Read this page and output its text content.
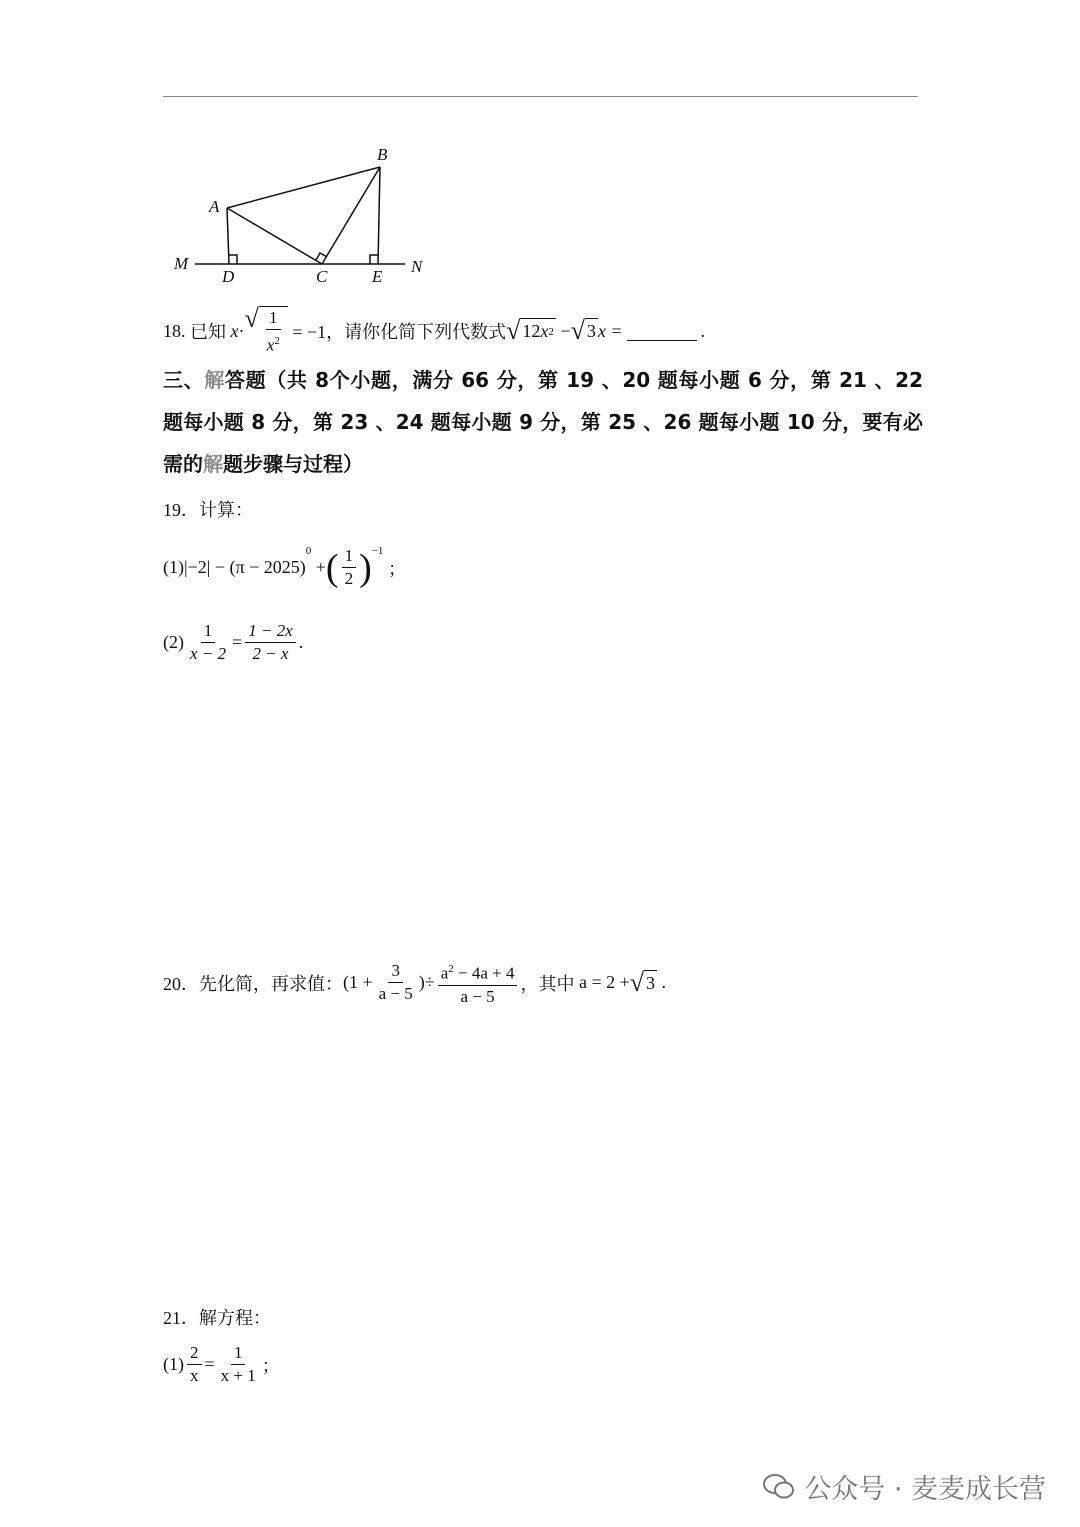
B
A
M
D	C	E
N
18.
已知
x · √ $\frac{1}{x^2}$
= −1，请你化简下列代数式 √ 12 x 2
− √ 3 x =	.
三、解答题（共 8个小题，满分 66 分，第 19 、20 题每小题 6 分，第 21 、22 题每小题 8 分，第 23 、24 题每小题 9 分，第 25 、26 题每小题 10 分，要有必需的解题步骤与过程）
19．计算：
(1) |−2|
− (π − 2025)
0

+ ( $\frac{1}{2} )^{-1}$

；
$(2) \frac{1}{x - 2} = \frac{1 - 2x}{2 - x}$ .
20．先化简，再求值： ($1 + \frac{3}{a - 5}$ ) ÷ $\frac{a^2 - 4a + 4}{a - 5}$ ，其中
a = 2 + √ 3
.
21．解方程：
$(1) \frac{2}{x} = \frac{1}{x + 1}$ ；
公众号 · 麦麦成长营
